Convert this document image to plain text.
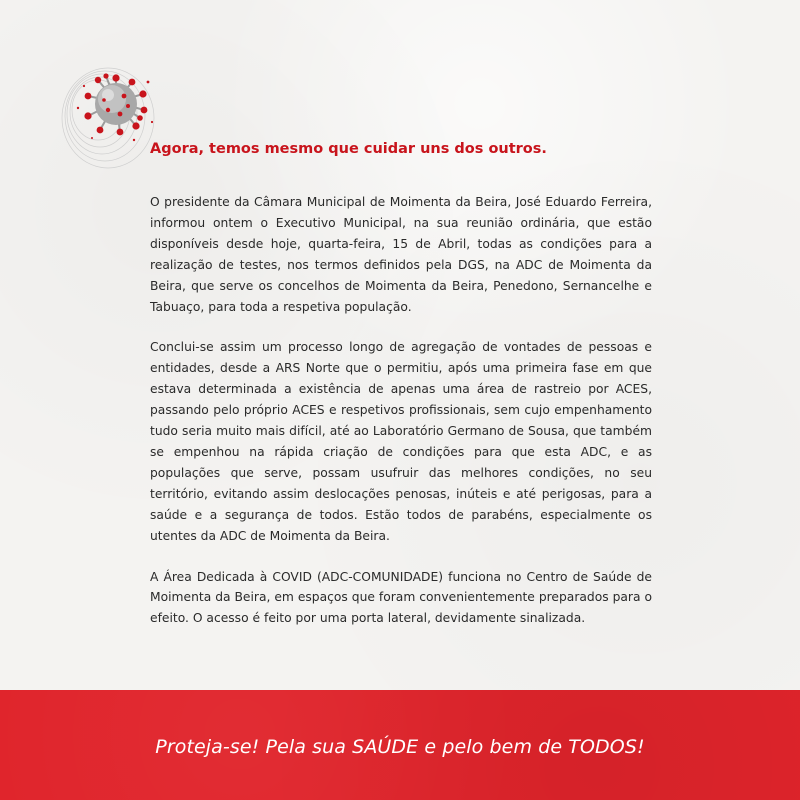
Agora, temos mesmo que cuidar uns dos outros.

O presidente da Câmara Municipal de Moimenta da Beira, José Eduardo Ferreira, informou ontem o Executivo Municipal, na sua reunião ordinária, que estão disponíveis desde hoje, quarta-feira, 15 de Abril, todas as condições para a realização de testes, nos termos definidos pela DGS, na ADC de Moimenta da Beira, que serve os concelhos de Moimenta da Beira, Penedono, Sernancelhe e Tabuaço, para toda a respetiva população.

Conclui-se assim um processo longo de agregação de vontades de pessoas e entidades, desde a ARS Norte que o permitiu, após uma primeira fase em que estava determinada a existência de apenas uma área de rastreio por ACES, passando pelo próprio ACES e respetivos profissionais, sem cujo empenhamento tudo seria muito mais difícil, até ao Laboratório Germano de Sousa, que também se empenhou na rápida criação de condições para que esta ADC, e as populações que serve, possam usufruir das melhores condições, no seu território, evitando assim deslocações penosas, inúteis e até perigosas, para a saúde e a segurança de todos. Estão todos de parabéns, especialmente os utentes da ADC de Moimenta da Beira.

A Área Dedicada à COVID (ADC-COMUNIDADE) funciona no Centro de Saúde de Moimenta da Beira, em espaços que foram convenientemente preparados para o efeito. O acesso é feito por uma porta lateral, devidamente sinalizada.

Proteja-se! Pela sua SAÚDE e pelo bem de TODOS!
